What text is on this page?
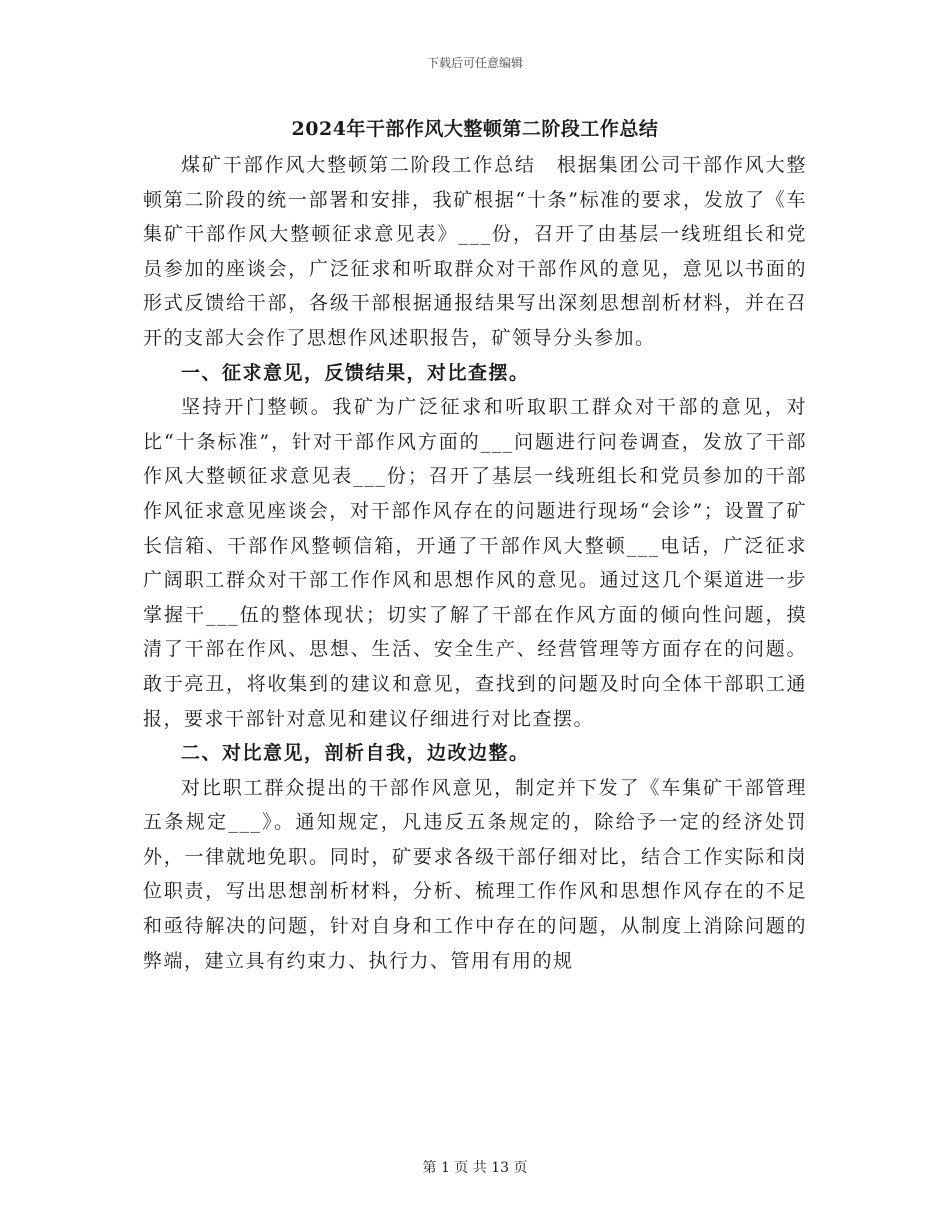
下载后可任意编辑
2024年干部作风大整顿第二阶段工作总结

煤矿干部作风大整顿第二阶段工作总结　根据集团公司干部作风大整顿第二阶段的统一部署和安排，我矿根据“十条”标准的要求，发放了《车集矿干部作风大整顿征求意见表》___份，召开了由基层一线班组长和党员参加的座谈会，广泛征求和听取群众对干部作风的意见，意见以书面的形式反馈给干部，各级干部根据通报结果写出深刻思想剖析材料，并在召开的支部大会作了思想作风述职报告，矿领导分头参加。

一、征求意见，反馈结果，对比查摆。

坚持开门整顿。我矿为广泛征求和听取职工群众对干部的意见，对比“十条标准”，针对干部作风方面的___问题进行问卷调查，发放了干部作风大整顿征求意见表___份；召开了基层一线班组长和党员参加的干部作风征求意见座谈会，对干部作风存在的问题进行现场“会诊”；设置了矿长信箱、干部作风整顿信箱，开通了干部作风大整顿___电话，广泛征求广阔职工群众对干部工作作风和思想作风的意见。通过这几个渠道进一步掌握干___伍的整体现状；切实了解了干部在作风方面的倾向性问题，摸清了干部在作风、思想、生活、安全生产、经营管理等方面存在的问题。敢于亮丑，将收集到的建议和意见，查找到的问题及时向全体干部职工通报，要求干部针对意见和建议仔细进行对比查摆。

二、对比意见，剖析自我，边改边整。

对比职工群众提出的干部作风意见，制定并下发了《车集矿干部管理五条规定___》。通知规定，凡违反五条规定的，除给予一定的经济处罚外，一律就地免职。同时，矿要求各级干部仔细对比，结合工作实际和岗位职责，写出思想剖析材料，分析、梳理工作作风和思想作风存在的不足和亟待解决的问题，针对自身和工作中存在的问题，从制度上消除问题的弊端，建立具有约束力、执行力、管用有用的规

第 1 页 共 13 页
